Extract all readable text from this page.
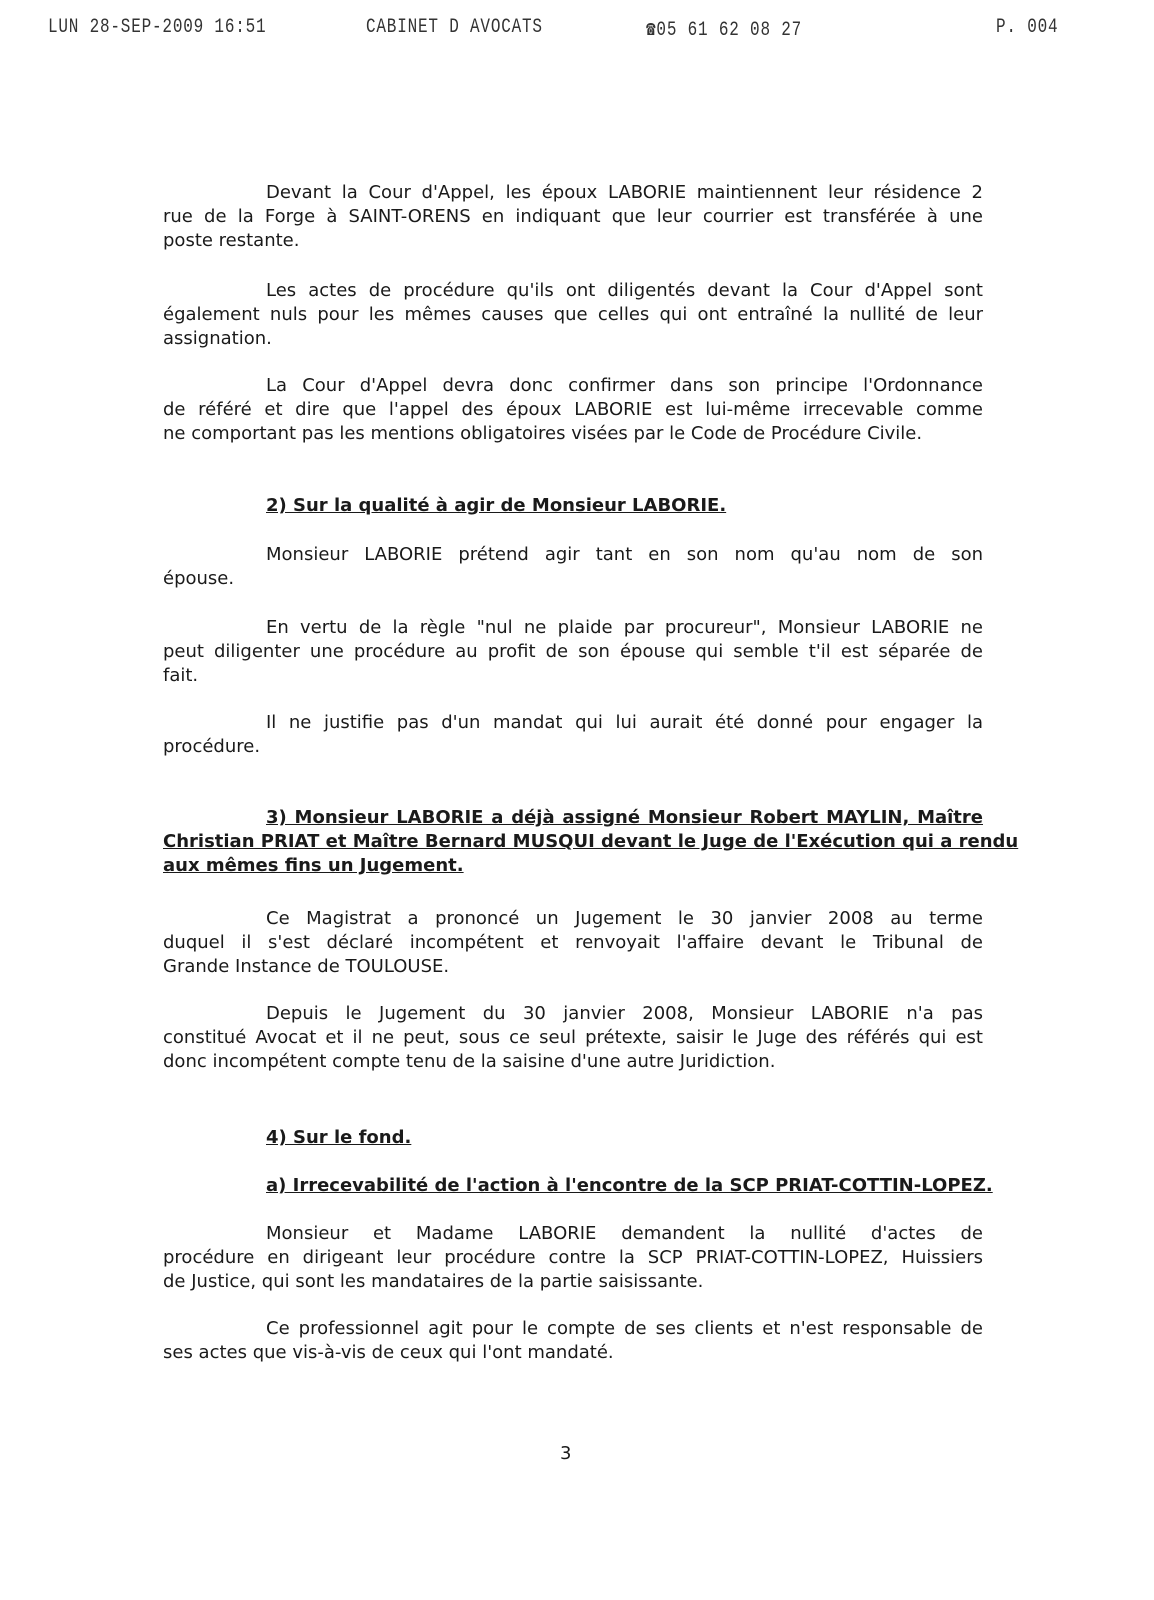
LUN 28-SEP-2009 16:51	CABINET D AVOCATS	☎05 61 62 08 27	P. 004
Devant la Cour d'Appel, les époux LABORIE maintiennent leur résidence 2
rue de la Forge à SAINT-ORENS en indiquant que leur courrier est transférée à une
poste restante.
Les actes de procédure qu'ils ont diligentés devant la Cour d'Appel sont
également nuls pour les mêmes causes que celles qui ont entraîné la nullité de leur
assignation.
La Cour d'Appel devra donc confirmer dans son principe l'Ordonnance
de référé et dire que l'appel des époux LABORIE est lui-même irrecevable comme
ne comportant pas les mentions obligatoires visées par le Code de Procédure Civile.
2) Sur la qualité à agir de Monsieur LABORIE.
Monsieur LABORIE prétend agir tant en son nom qu'au nom de son
épouse.
En vertu de la règle "nul ne plaide par procureur", Monsieur LABORIE ne
peut diligenter une procédure au profit de son épouse qui semble t'il est séparée de
fait.
Il ne justifie pas d'un mandat qui lui aurait été donné pour engager la
procédure.
3) Monsieur LABORIE a déjà assigné Monsieur Robert MAYLIN, Maître
Christian PRIAT et Maître Bernard MUSQUI devant le Juge de l'Exécution qui a rendu
aux mêmes fins un Jugement.
Ce Magistrat a prononcé un Jugement le 30 janvier 2008 au terme
duquel il s'est déclaré incompétent et renvoyait l'affaire devant le Tribunal de
Grande Instance de TOULOUSE.
Depuis le Jugement du 30 janvier 2008, Monsieur LABORIE n'a pas
constitué Avocat et il ne peut, sous ce seul prétexte, saisir le Juge des référés qui est
donc incompétent compte tenu de la saisine d'une autre Juridiction.
4) Sur le fond.
a) Irrecevabilité de l'action à l'encontre de la SCP PRIAT-COTTIN-LOPEZ.
Monsieur et Madame LABORIE demandent la nullité d'actes de
procédure en dirigeant leur procédure contre la SCP PRIAT-COTTIN-LOPEZ, Huissiers
de Justice, qui sont les mandataires de la partie saisissante.
Ce professionnel agit pour le compte de ses clients et n'est responsable de
ses actes que vis-à-vis de ceux qui l'ont mandaté.
3
